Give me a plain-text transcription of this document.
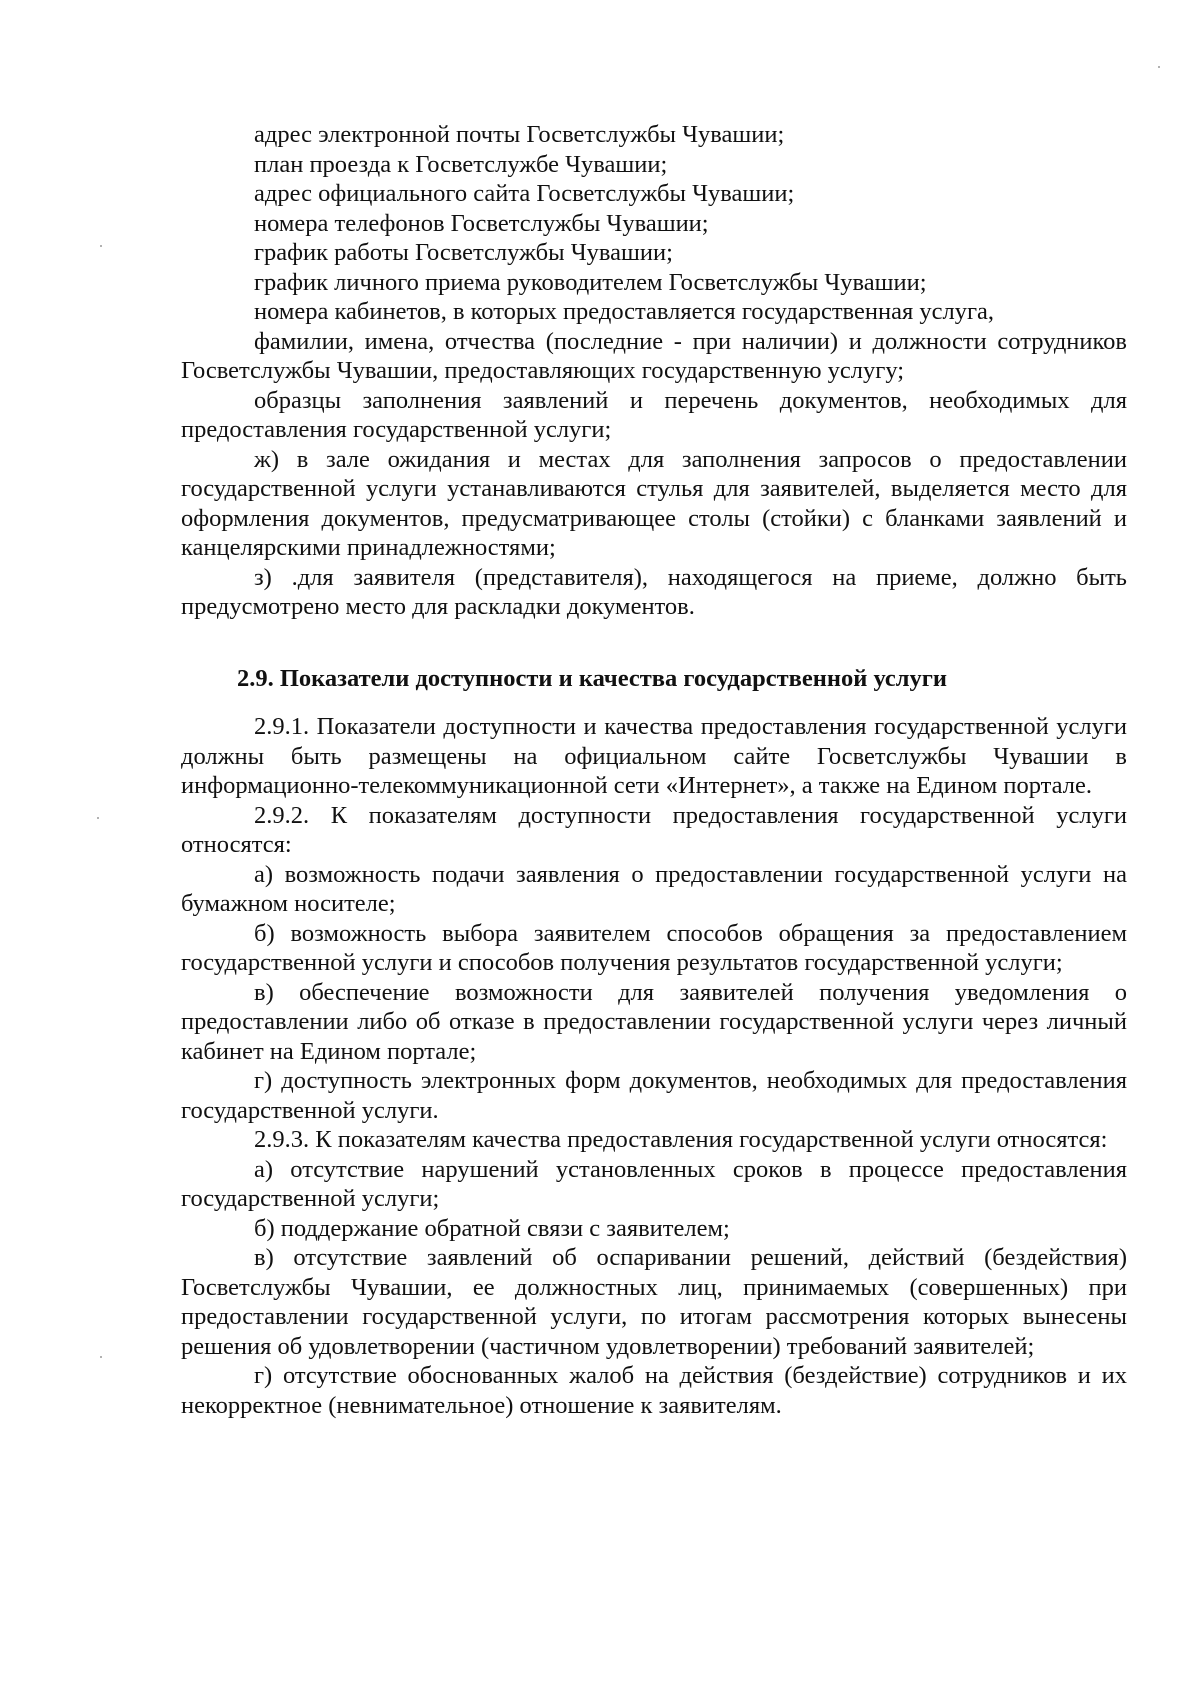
адрес электронной почты Госветслужбы Чувашии;
план проезда к Госветслужбе Чувашии;
адрес официального сайта Госветслужбы Чувашии;
номера телефонов Госветслужбы Чувашии;
график работы Госветслужбы Чувашии;
график личного приема руководителем Госветслужбы Чувашии;
номера кабинетов, в которых предоставляется государственная услуга,

фамилии, имена, отчества (последние - при наличии) и должности сотрудников Госветслужбы Чувашии, предоставляющих государственную услугу;

образцы заполнения заявлений и перечень документов, необходимых для предоставления государственной услуги;

ж) в зале ожидания и местах для заполнения запросов о предоставлении государственной услуги устанавливаются стулья для заявителей, выделяется место для оформления документов, предусматривающее столы (стойки) с бланками заявлений и канцелярскими принадлежностями;

з) .для заявителя (представителя), находящегося на приеме, должно быть предусмотрено место для раскладки документов.

2.9. Показатели доступности и качества государственной услуги

2.9.1. Показатели доступности и качества предоставления государственной услуги должны быть размещены на официальном сайте Госветслужбы Чувашии в информационно-телекоммуникационной сети «Интернет», а также на Едином портале.

2.9.2. К показателям доступности предоставления государственной услуги относятся:

а) возможность подачи заявления о предоставлении государственной услуги на бумажном носителе;

б) возможность выбора заявителем способов обращения за предоставлением государственной услуги и способов получения результатов государственной услуги;

в) обеспечение возможности для заявителей получения уведомления о предоставлении либо об отказе в предоставлении государственной услуги через личный кабинет на Едином портале;

г) доступность электронных форм документов, необходимых для предоставления государственной услуги.

2.9.3. К показателям качества предоставления государственной услуги относятся:

а) отсутствие нарушений установленных сроков в процессе предоставления государственной услуги;

б) поддержание обратной связи с заявителем;

в) отсутствие заявлений об оспаривании решений, действий (бездействия) Госветслужбы Чувашии, ее должностных лиц, принимаемых (совершенных) при предоставлении государственной услуги, по итогам рассмотрения которых вынесены решения об удовлетворении (частичном удовлетворении) требований заявителей;

г) отсутствие обоснованных жалоб на действия (бездействие) сотрудников и их некорректное (невнимательное) отношение к заявителям.
